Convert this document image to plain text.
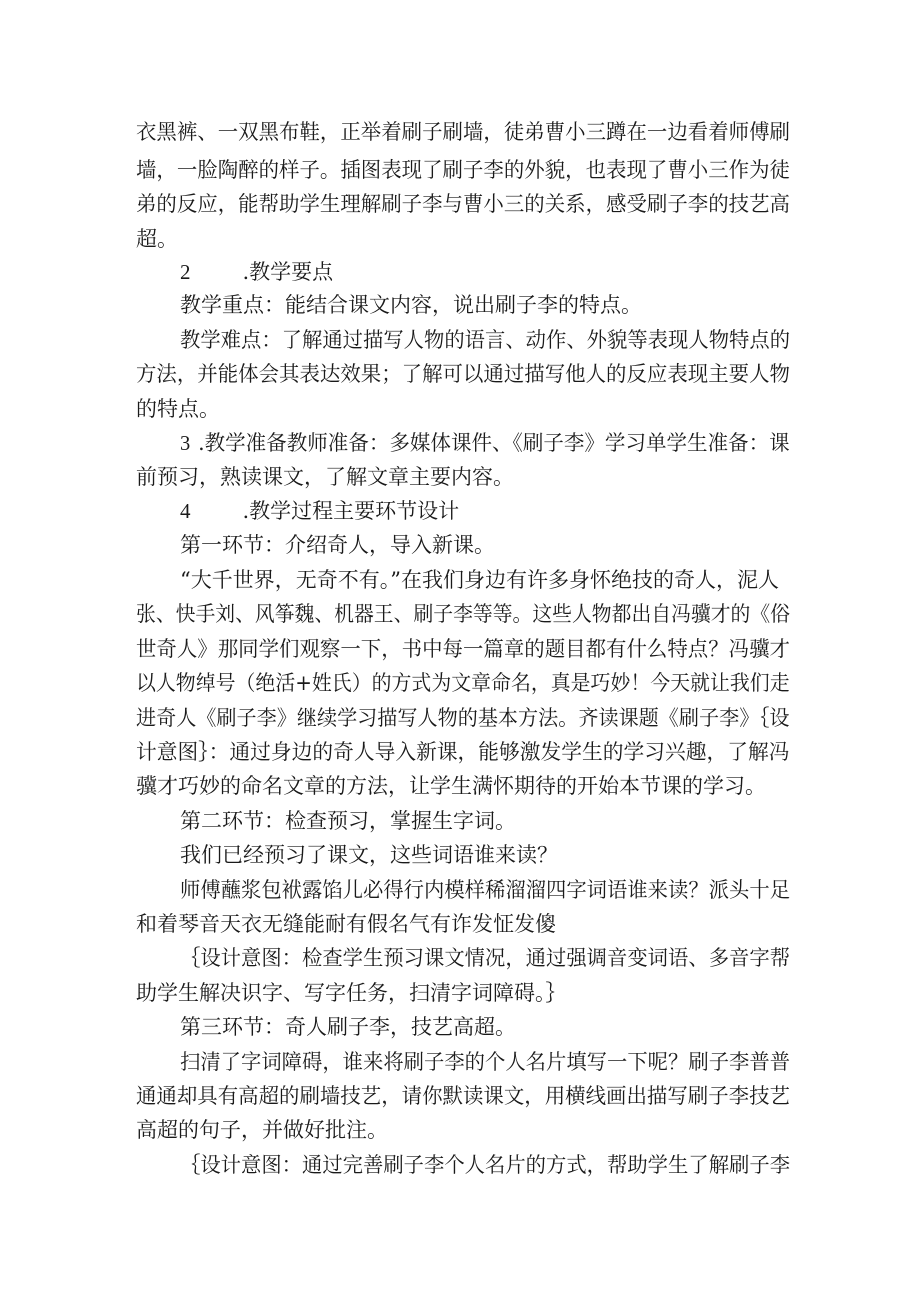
衣黑裤、一双黑布鞋，正举着刷子刷墙，徒弟曹小三蹲在一边看着师傅刷
墙，一脸陶醉的样子。插图表现了刷子李的外貌，也表现了曹小三作为徒
弟的反应，能帮助学生理解刷子李与曹小三的关系，感受刷子李的技艺高
超。
2 .教学要点
教学重点：能结合课文内容，说出刷子李的特点。
教学难点：了解通过描写人物的语言、动作、外貌等表现人物特点的
方法，并能体会其表达效果；了解可以通过描写他人的反应表现主要人物
的特点。
3 .教学准备教师准备：多媒体课件、《刷子李》学习单学生准备：课
前预习，熟读课文，了解文章主要内容。
4 .教学过程主要环节设计
第一环节：介绍奇人，导入新课。
“大千世界，无奇不有。”在我们身边有许多身怀绝技的奇人，泥人
张、快手刘、风筝魏、机器王、刷子李等等。这些人物都出自冯骥才的《俗
世奇人》那同学们观察一下，书中每一篇章的题目都有什么特点？冯骥才
以人物绰号（绝活+姓氏）的方式为文章命名，真是巧妙！今天就让我们走
进奇人《刷子李》继续学习描写人物的基本方法。齐读课题《刷子李》｛设
计意图｝：通过身边的奇人导入新课，能够激发学生的学习兴趣，了解冯
骥才巧妙的命名文章的方法，让学生满怀期待的开始本节课的学习。
第二环节：检查预习，掌握生字词。
我们已经预习了课文，这些词语谁来读？
师傅蘸浆包袱露馅儿必得行内模样稀溜溜四字词语谁来读？派头十足
和着琴音天衣无缝能耐有假名气有诈发怔发傻
｛设计意图：检查学生预习课文情况，通过强调音变词语、多音字帮
助学生解决识字、写字任务，扫清字词障碍。｝
第三环节：奇人刷子李，技艺高超。
扫清了字词障碍，谁来将刷子李的个人名片填写一下呢？刷子李普普
通通却具有高超的刷墙技艺，请你默读课文，用横线画出描写刷子李技艺
高超的句子，并做好批注。
｛设计意图：通过完善刷子李个人名片的方式，帮助学生了解刷子李
